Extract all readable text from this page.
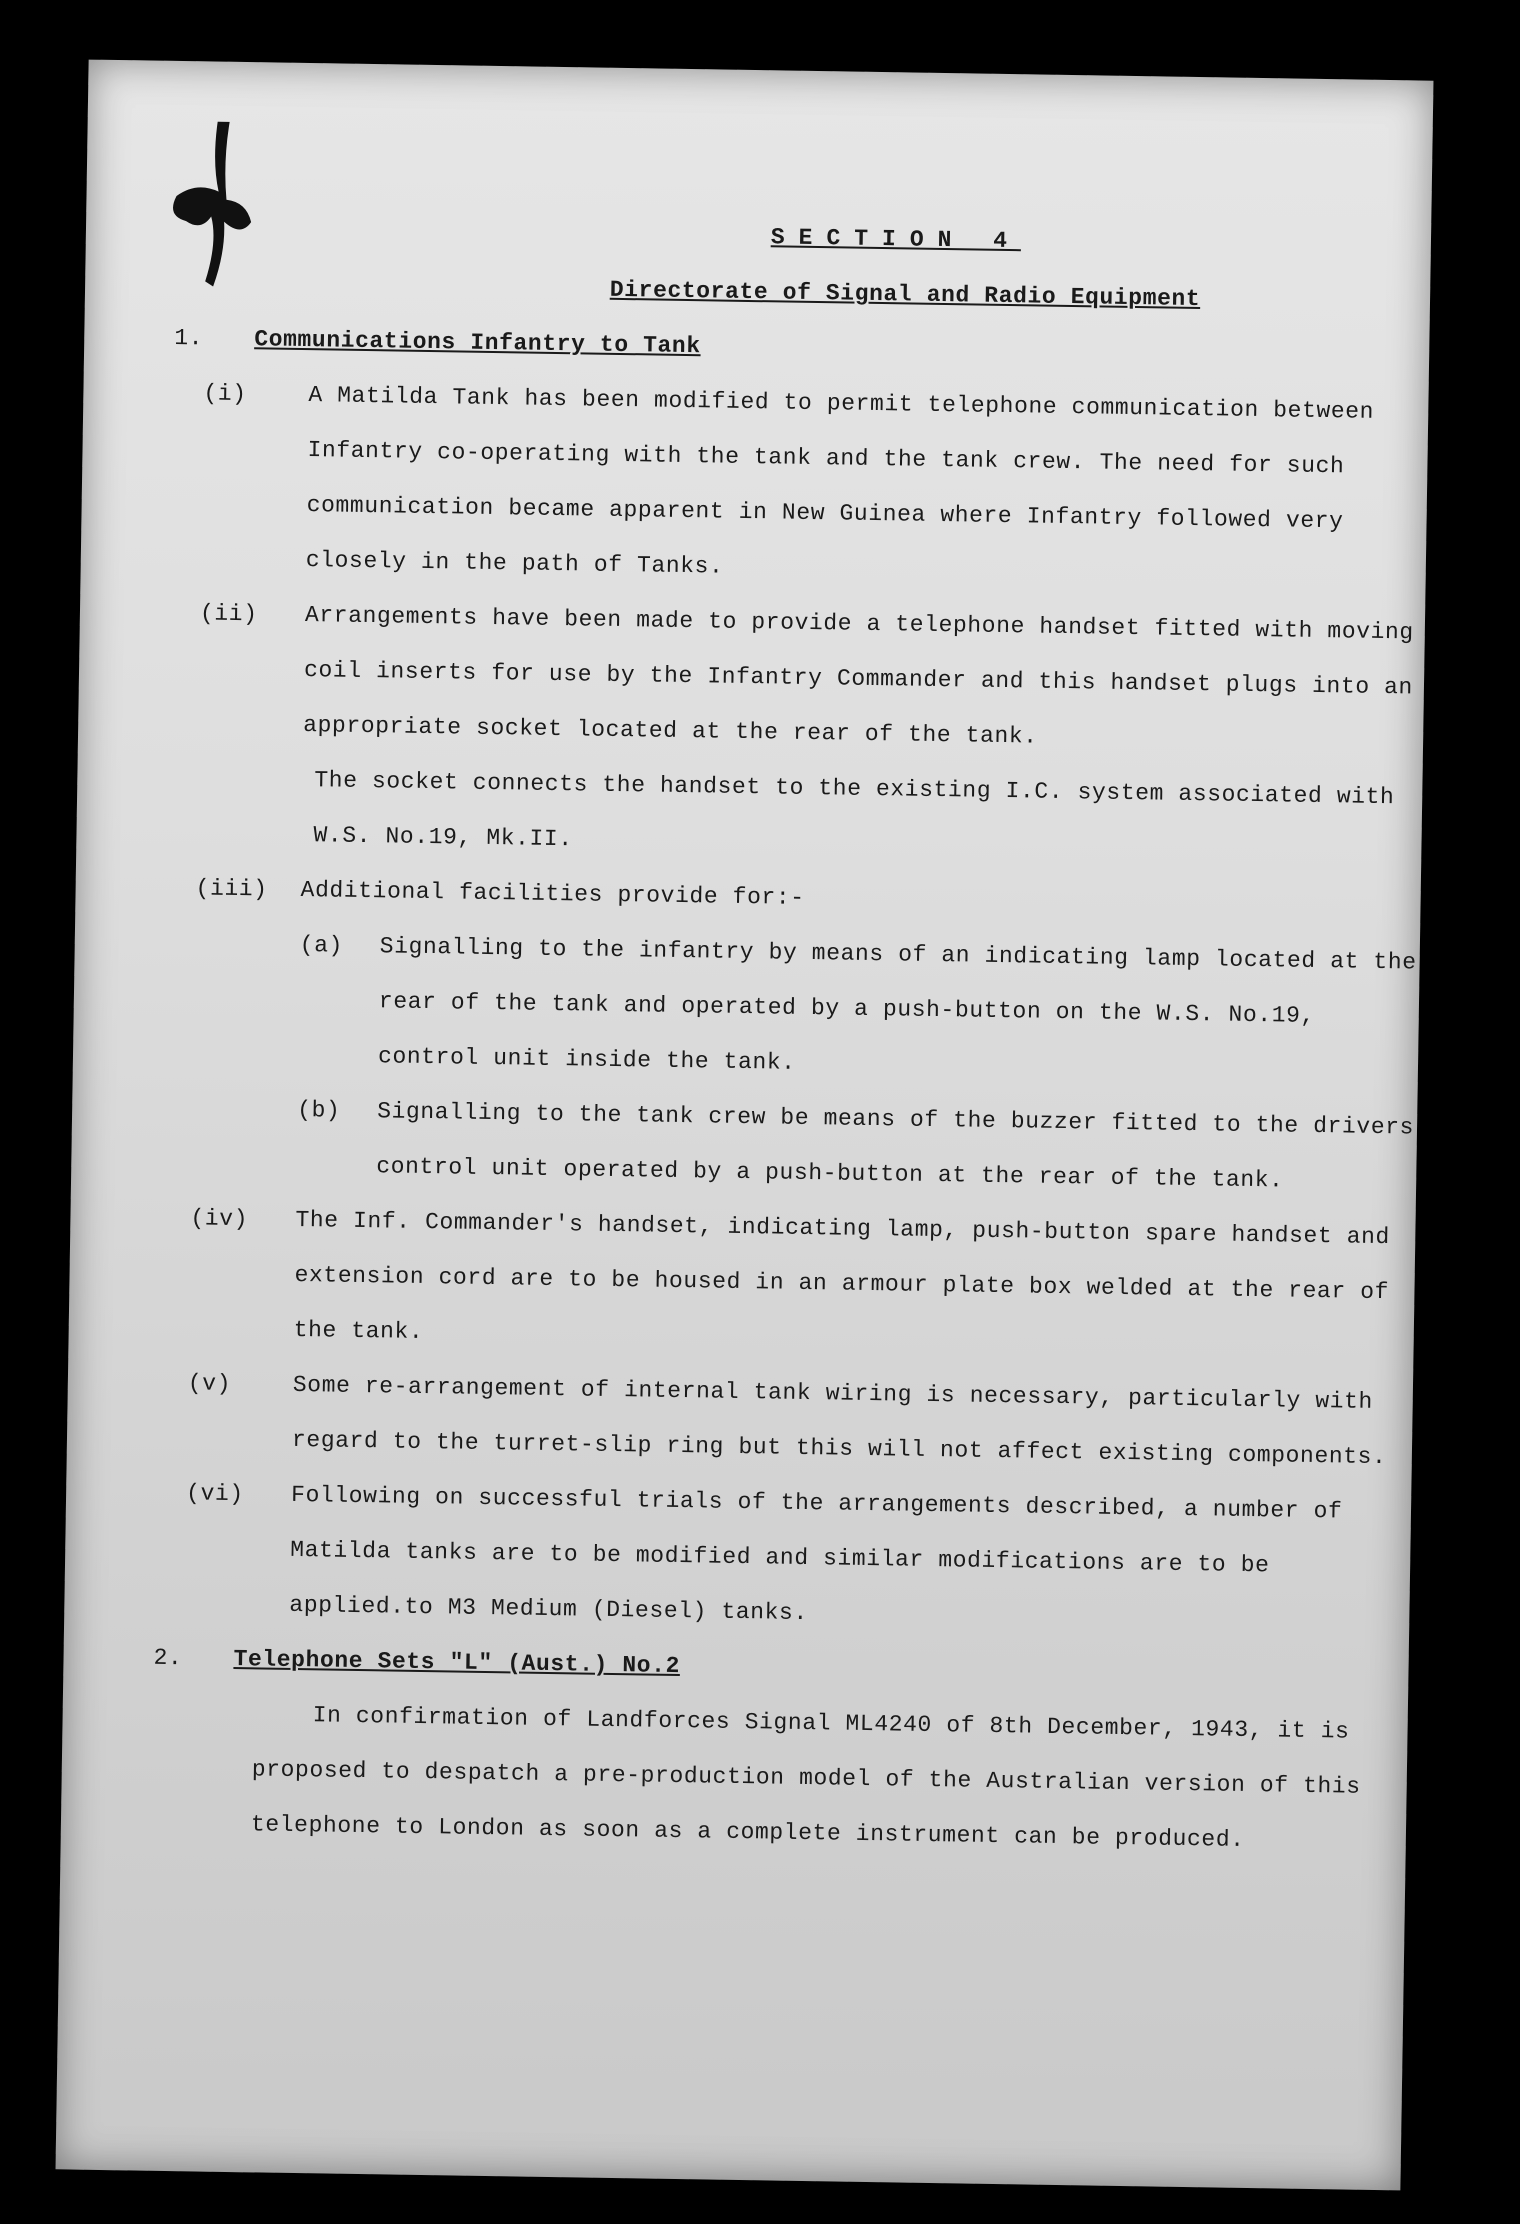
SECTION 4
Directorate of Signal and Radio Equipment
1.	Communications Infantry to Tank
(i)	A Matilda Tank has been modified to permit telephone communication between Infantry co-operating with the tank and the tank crew. The need for such communication became apparent in New Guinea where Infantry followed very closely in the path of Tanks.
(ii)	Arrangements have been made to provide a telephone handset fitted with moving coil inserts for use by the Infantry Commander and this handset plugs into an appropriate socket located at the rear of the tank.
The socket connects the handset to the existing I.C. system associated with W.S. No.19, Mk.II.
(iii)	Additional facilities provide for:-
(a)	Signalling to the infantry by means of an indicating lamp located at the rear of the tank and operated by a push-button on the W.S. No.19, control unit inside the tank.
(b)	Signalling to the tank crew be means of the buzzer fitted to the drivers control unit operated by a push-button at the rear of the tank.
(iv)	The Inf. Commander's handset, indicating lamp, push-button spare handset and extension cord are to be housed in an armour plate box welded at the rear of the tank.
(v)	Some re-arrangement of internal tank wiring is necessary, particularly with regard to the turret-slip ring but this will not affect existing components.
(vi)	Following on successful trials of the arrangements described, a number of Matilda tanks are to be modified and similar modifications are to be applied.to M3 Medium (Diesel) tanks.
2.	Telephone Sets "L" (Aust.) No.2
In confirmation of Landforces Signal ML4240 of 8th December, 1943, it is proposed to despatch a pre-production model of the Australian version of this telephone to London as soon as a complete instrument can be produced.
